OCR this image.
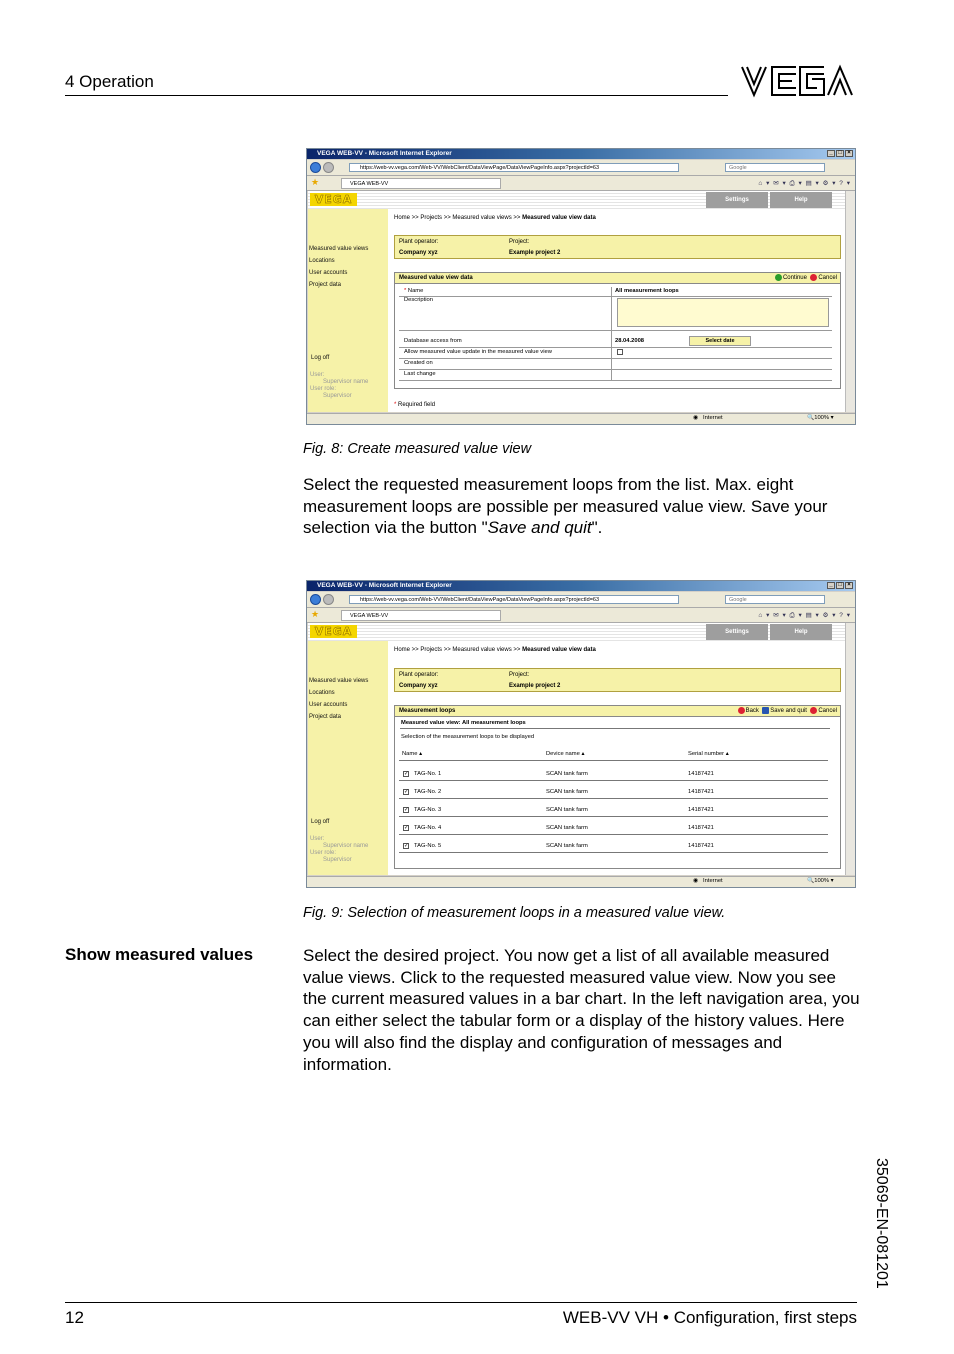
4 Operation
VEGA WEB-VV - Microsoft Internet Explorer	_ □ ×
https://web-vv.vega.com/Web-VV/WebClient/DataViewPage/DataViewPageInfo.aspx?projectId=63	Google
★	VEGA WEB-VV	⌂ ▾ ✉ ▾ ⎙ ▾ ▤ ▾ ⚙ ▾ ? ▾
VEGA	Settings	Help
Measured value views
Locations
User accounts
Project data
Log off
User:
Supervisor name
User role:
Supervisor
Home >> Projects >> Measured value views >> Measured value view data
Plant operator:	Project:
Company xyz	Example project 2
Measured value view data	Continue Cancel
* Name	All measurement loops
Description
Database access from	28.04.2008	Select date
Allow measured value update in the measured value view
Created on
Last change
* Required field
◉ Internet	🔍100% ▾
Fig. 8: Create measured value view
Select the requested measurement loops from the list. Max. eight measurement loops are possible per measured value view. Save your selection via the button "Save and quit".
VEGA WEB-VV - Microsoft Internet Explorer	_ □ ×
https://web-vv.vega.com/Web-VV/WebClient/DataViewPage/DataViewPageInfo.aspx?projectId=63	Google
★	VEGA WEB-VV	⌂ ▾ ✉ ▾ ⎙ ▾ ▤ ▾ ⚙ ▾ ? ▾
VEGA	Settings	Help
Measured value views
Locations
User accounts
Project data
Log off
User:
Supervisor name
User role:
Supervisor
Home >> Projects >> Measured value views >> Measured value view data
Plant operator:	Project:
Company xyz	Example project 2
Measurement loops	Back Save and quit Cancel
Measured value view: All measurement loops
Selection of the measurement loops to be displayed
Name ▴	Device name ▴	Serial number ▴
✓ TAG-No. 1	SCAN tank farm	14187421
✓ TAG-No. 2	SCAN tank farm	14187421
✓ TAG-No. 3	SCAN tank farm	14187421
✓ TAG-No. 4	SCAN tank farm	14187421
✓ TAG-No. 5	SCAN tank farm	14187421
◉ Internet	🔍100% ▾
Fig. 9: Selection of measurement loops in a measured value view.
Show measured values	Select the desired project. You now get a list of all available measured value views. Click to the requested measured value view. Now you see the current measured values in a bar chart. In the left navigation area, you can either select the tabular form or a display of the history values. Here you will also find the display and configuration of messages and information.
12	WEB-VV VH • Configuration, first steps
35069-EN-081201
